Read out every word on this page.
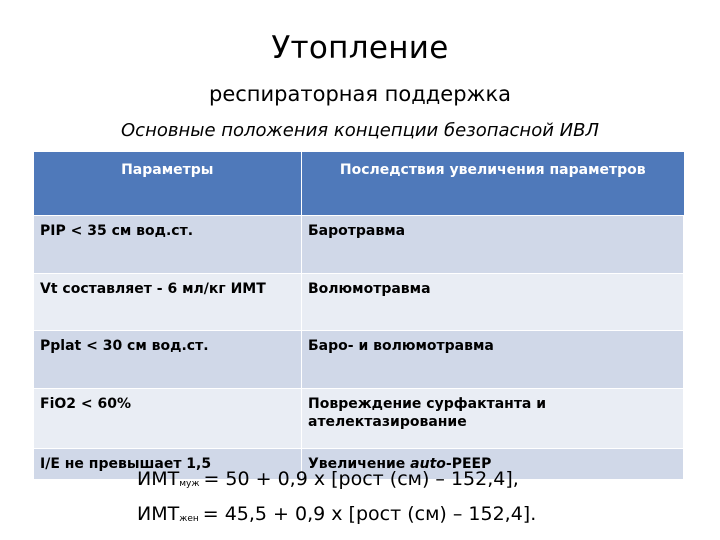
Утопление
респираторная поддержка
Основные положения концепции безопасной ИВЛ
Параметры	Последствия увеличения параметров
PIP < 35 см вод.ст.	Баротравма
Vt составляет - 6 мл/кг ИМТ	Волюмотравма
Pplat < 30 см вод.ст.	Баро- и волюмотравма
FiO2 < 60%	Повреждение сурфактанта и ателектазирование
I/E не превышает 1,5	Увеличение auto-PEEP
$ИМТ_{муж} = 50 + 0,9$ х [рост (см) – 152,4],
$ИМТ_{жен} = 45,5 + 0,9$ х [рост (см) – 152,4].
